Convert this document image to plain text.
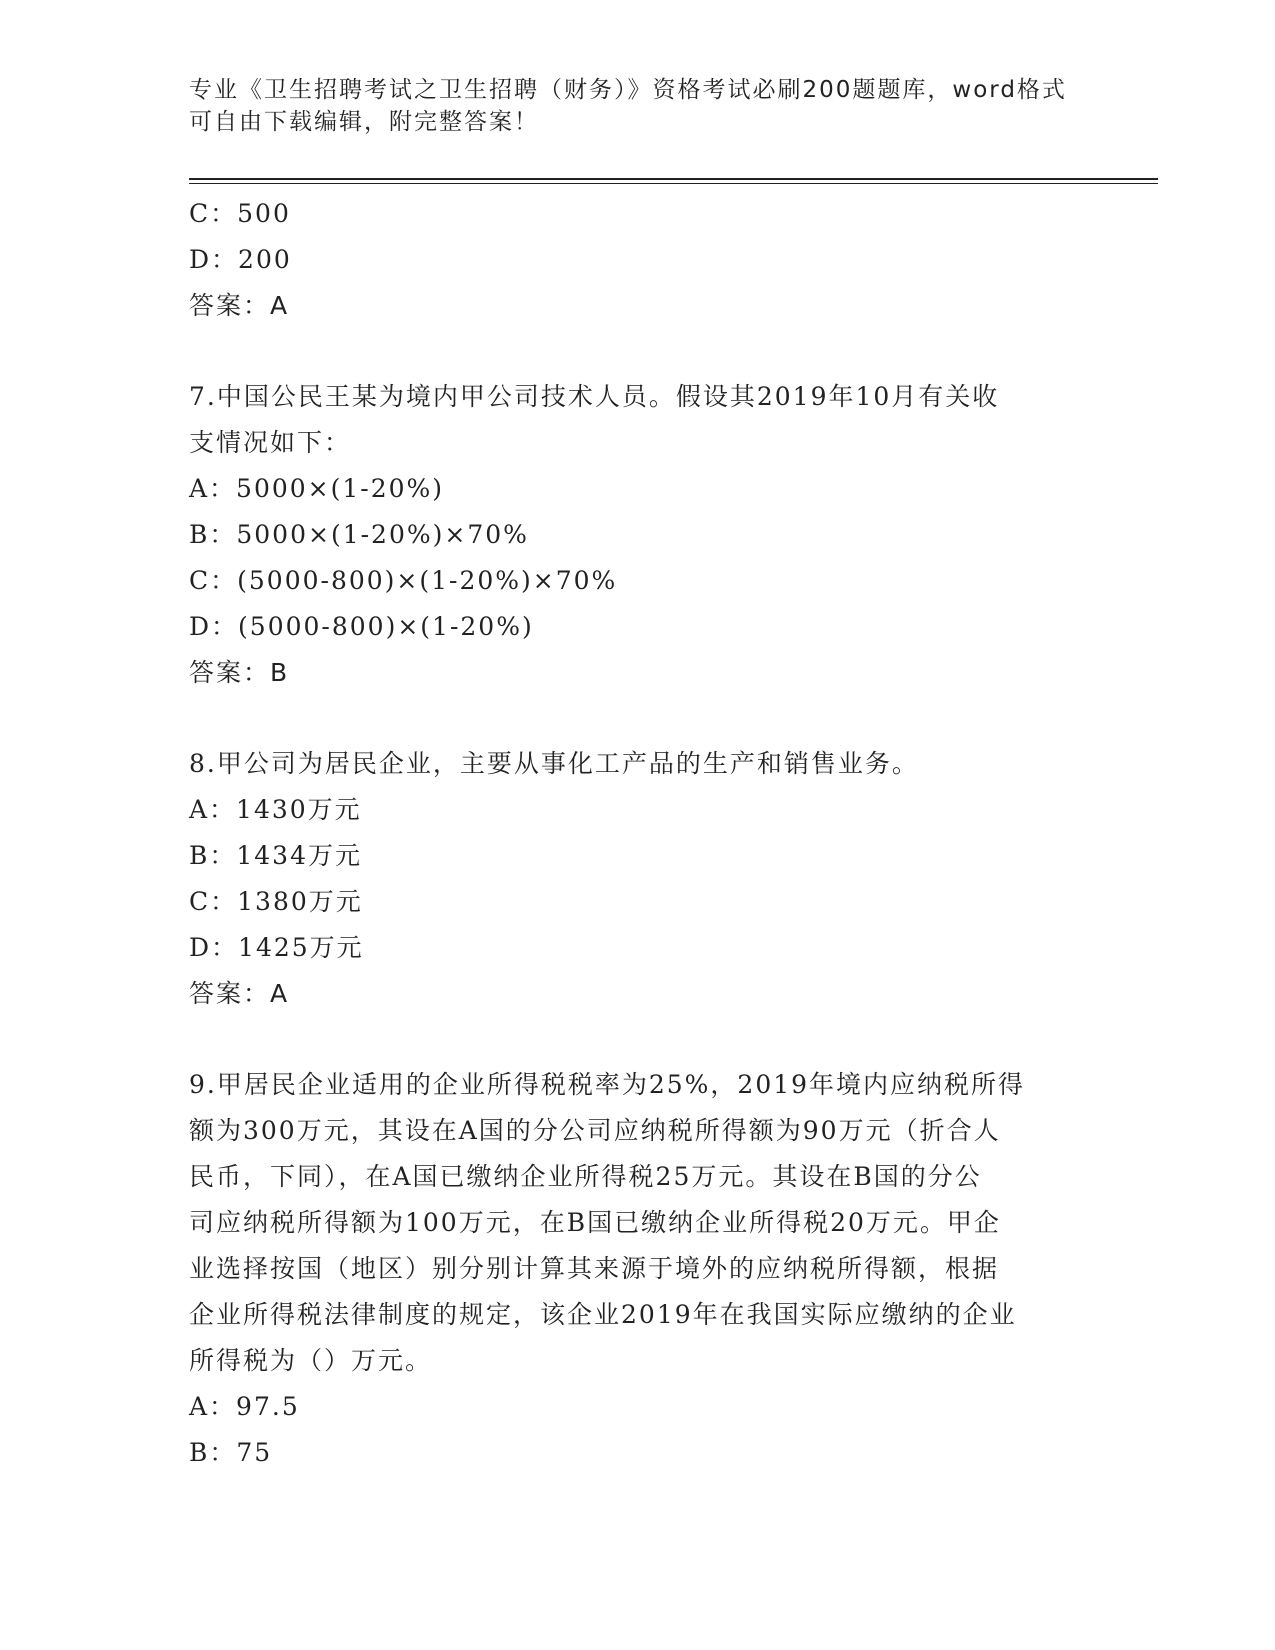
专业《卫生招聘考试之卫生招聘（财务）》资格考试必刷200题题库，word格式
可自由下载编辑，附完整答案！
C：500
D：200
答案：A
7.中国公民王某为境内甲公司技术人员。假设其2019年10月有关收
支情况如下：
A：5000×(1-20%)
B：5000×(1-20%)×70%
C：(5000-800)×(1-20%)×70%
D：(5000-800)×(1-20%)
答案：B
8.甲公司为居民企业，主要从事化工产品的生产和销售业务。
A：1430万元
B：1434万元
C：1380万元
D：1425万元
答案：A
9.甲居民企业适用的企业所得税税率为25%，2019年境内应纳税所得
额为300万元，其设在A国的分公司应纳税所得额为90万元（折合人
民币，下同），在A国已缴纳企业所得税25万元。其设在B国的分公
司应纳税所得额为100万元，在B国已缴纳企业所得税20万元。甲企
业选择按国（地区）别分别计算其来源于境外的应纳税所得额，根据
企业所得税法律制度的规定，该企业2019年在我国实际应缴纳的企业
所得税为（）万元。
A：97.5
B：75
